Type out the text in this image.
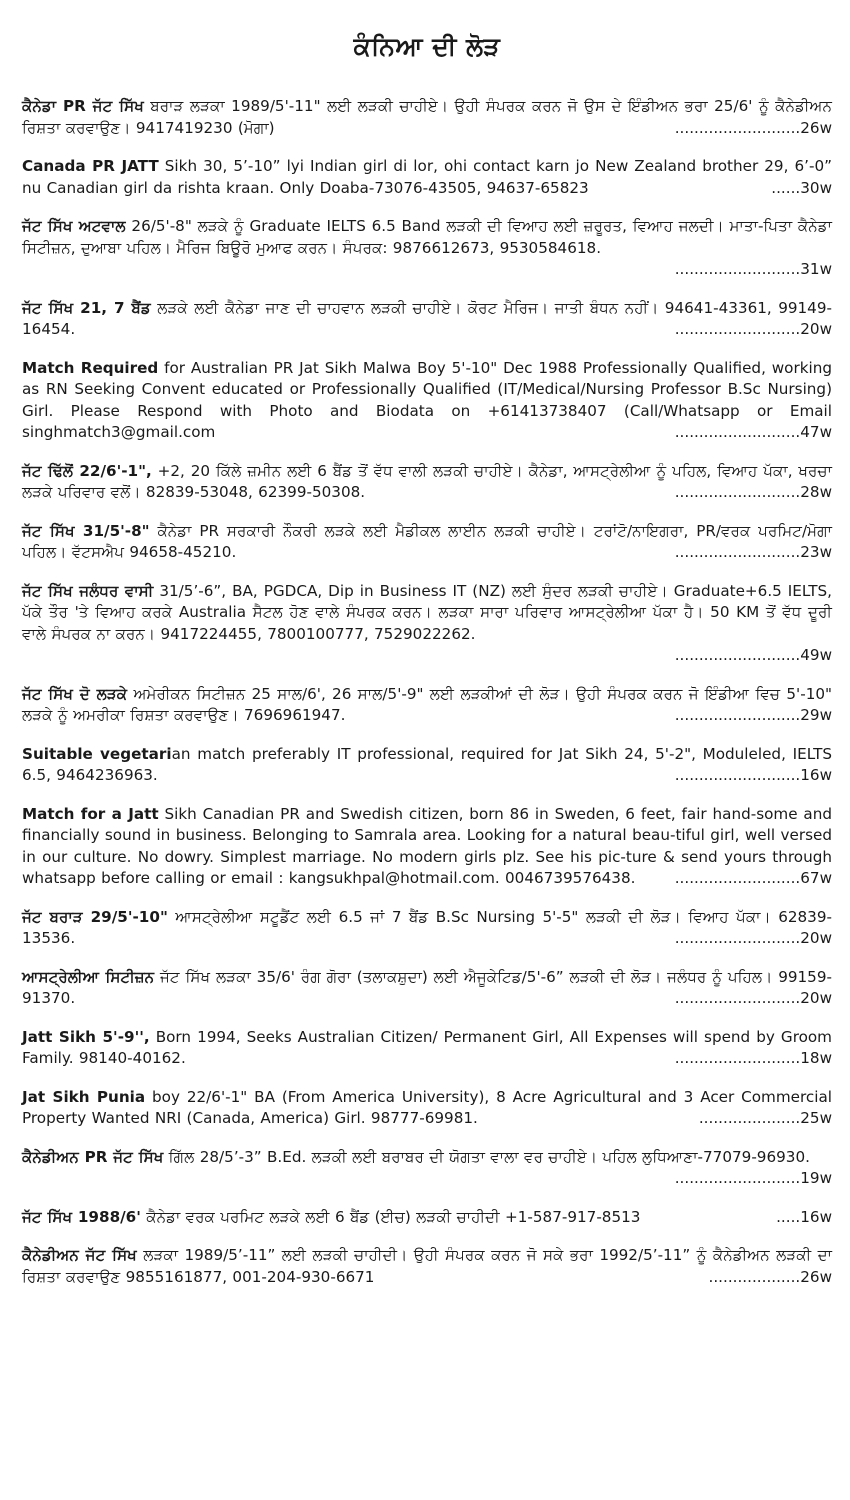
ਕੰਨਿਆ ਦੀ ਲੋੜ
ਕੈਨੇਡਾ PR ਜੱਟ ਸਿੱਖ ਬਰਾੜ ਲੜਕਾ 1989/5'-11" ਲਈ ਲੜਕੀ ਚਾਹੀਏ। ਉਹੀ ਸੰਪਰਕ ਕਰਨ ਜੋ ਉਸ ਦੇ ਇੰਡੀਅਨ ਭਰਾ 25/6' ਨੂੰ ਕੈਨੇਡੀਅਨ ਰਿਸ਼ਤਾ ਕਰਵਾਉਣ। 9417419230 (ਮੋਗਾ)	..........................26w
Canada PR JATT Sikh 30, 5’-10” lyi Indian girl di lor, ohi contact karn jo New Zealand brother 29, 6’-0” nu Canadian girl da rishta kraan. Only Doaba-73076-43505, 94637-65823	......30w
ਜੱਟ ਸਿੱਖ ਅਟਵਾਲ 26/5'-8" ਲੜਕੇ ਨੂੰ Graduate IELTS 6.5 Band ਲੜਕੀ ਦੀ ਵਿਆਹ ਲਈ ਜ਼ਰੂਰਤ, ਵਿਆਹ ਜਲਦੀ। ਮਾਤਾ-ਪਿਤਾ ਕੈਨੇਡਾ ਸਿਟੀਜ਼ਨ, ਦੁਆਬਾ ਪਹਿਲ। ਮੈਰਿਜ ਬਿਊਰੋ ਮੁਆਫ ਕਰਨ। ਸੰਪਰਕ: 9876612673, 9530584618.
..........................31w
ਜੱਟ ਸਿੱਖ 21, 7 ਬੈਂਡ ਲੜਕੇ ਲਈ ਕੈਨੇਡਾ ਜਾਣ ਦੀ ਚਾਹਵਾਨ ਲੜਕੀ ਚਾਹੀਏ। ਕੋਰਟ ਮੈਰਿਜ। ਜਾਤੀ ਬੰਧਨ ਨਹੀਂ। 94641-43361, 99149-16454.	..........................20w
Match Required for Australian PR Jat Sikh Malwa Boy 5'-10" Dec 1988 Professionally Qualified, working as RN Seeking Convent educated or Professionally Qualified (IT/Medical/Nursing Professor B.Sc Nursing) Girl. Please Respond with Photo and Biodata on +61413738407 (Call/Whatsapp or Email singhmatch3@gmail.com	..........................47w
ਜੱਟ ਢਿੱਲੋਂ 22/6'-1", +2, 20 ਕਿੱਲੇ ਜ਼ਮੀਨ ਲਈ 6 ਬੈਂਡ ਤੋਂ ਵੱਧ ਵਾਲੀ ਲੜਕੀ ਚਾਹੀਏ। ਕੈਨੇਡਾ, ਆਸਟ੍ਰੇਲੀਆ ਨੂੰ ਪਹਿਲ, ਵਿਆਹ ਪੱਕਾ, ਖਰਚਾ ਲੜਕੇ ਪਰਿਵਾਰ ਵਲੋਂ। 82839-53048, 62399-50308.	..........................28w
ਜੱਟ ਸਿੱਖ 31/5'-8" ਕੈਨੇਡਾ PR ਸਰਕਾਰੀ ਨੌਕਰੀ ਲੜਕੇ ਲਈ ਮੈਡੀਕਲ ਲਾਈਨ ਲੜਕੀ ਚਾਹੀਏ। ਟਰਾਂਟੋ/ਨਾਇਗਰਾ, PR/ਵਰਕ ਪਰਮਿਟ/ਮੋਗਾ ਪਹਿਲ। ਵੱਟਸਐਪ 94658-45210.	..........................23w
ਜੱਟ ਸਿੱਖ ਜਲੰਧਰ ਵਾਸੀ 31/5’-6”, BA, PGDCA, Dip in Business IT (NZ) ਲਈ ਸੁੰਦਰ ਲੜਕੀ ਚਾਹੀਏ। Graduate+6.5 IELTS, ਪੱਕੇ ਤੌਰ 'ਤੇ ਵਿਆਹ ਕਰਕੇ Australia ਸੈਟਲ ਹੋਣ ਵਾਲੇ ਸੰਪਰਕ ਕਰਨ। ਲੜਕਾ ਸਾਰਾ ਪਰਿਵਾਰ ਆਸਟ੍ਰੇਲੀਆ ਪੱਕਾ ਹੈ। 50 KM ਤੋਂ ਵੱਧ ਦੂਰੀ ਵਾਲੇ ਸੰਪਰਕ ਨਾ ਕਰਨ। 9417224455, 7800100777, 7529022262.
..........................49w
ਜੱਟ ਸਿੱਖ ਦੋ ਲੜਕੇ ਅਮੇਰੀਕਨ ਸਿਟੀਜ਼ਨ 25 ਸਾਲ/6', 26 ਸਾਲ/5'-9" ਲਈ ਲੜਕੀਆਂ ਦੀ ਲੋੜ। ਉਹੀ ਸੰਪਰਕ ਕਰਨ ਜੋ ਇੰਡੀਆ ਵਿਚ 5'-10" ਲੜਕੇ ਨੂੰ ਅਮਰੀਕਾ ਰਿਸ਼ਤਾ ਕਰਵਾਉਣ। 7696961947.	..........................29w
Suitable vegetarian match preferably IT professional, required for Jat Sikh 24, 5'-2", Moduleled, IELTS 6.5, 9464236963.	..........................16w
Match for a Jatt Sikh Canadian PR and Swedish citizen, born 86 in Sweden, 6 feet, fair hand-some and financially sound in business. Belonging to Samrala area. Looking for a natural beau-tiful girl, well versed in our culture. No dowry. Simplest marriage. No modern girls plz. See his pic-ture & send yours through whatsapp before calling or email : kangsukhpal@hotmail.com. 0046739576438.	..........................67w
ਜੱਟ ਬਰਾੜ 29/5'-10" ਆਸਟ੍ਰੇਲੀਆ ਸਟੂਡੈਂਟ ਲਈ 6.5 ਜਾਂ 7 ਬੈਂਡ B.Sc Nursing 5'-5" ਲੜਕੀ ਦੀ ਲੋੜ। ਵਿਆਹ ਪੱਕਾ। 62839-13536.	..........................20w
ਆਸਟ੍ਰੇਲੀਆ ਸਿਟੀਜ਼ਨ ਜੱਟ ਸਿੱਖ ਲੜਕਾ 35/6' ਰੰਗ ਗੋਰਾ (ਤਲਾਕਸ਼ੁਦਾ) ਲਈ ਐਜੂਕੇਟਿਡ/5'-6” ਲੜਕੀ ਦੀ ਲੋੜ। ਜਲੰਧਰ ਨੂੰ ਪਹਿਲ। 99159-91370.	..........................20w
Jatt Sikh 5'-9'', Born 1994, Seeks Australian Citizen/ Permanent Girl, All Expenses will spend by Groom Family. 98140-40162.	..........................18w
Jat Sikh Punia boy 22/6'-1" BA (From America University), 8 Acre Agricultural and 3 Acer Commercial Property Wanted NRI (Canada, America) Girl. 98777-69981.	.....................25w
ਕੈਨੇਡੀਅਨ PR ਜੱਟ ਸਿੱਖ ਗਿੱਲ 28/5’-3” B.Ed. ਲੜਕੀ ਲਈ ਬਰਾਬਰ ਦੀ ਯੋਗਤਾ ਵਾਲਾ ਵਰ ਚਾਹੀਏ। ਪਹਿਲ ਲੁਧਿਆਣਾ-77079-96930.
..........................19w
ਜੱਟ ਸਿੱਖ 1988/6' ਕੈਨੇਡਾ ਵਰਕ ਪਰਮਿਟ ਲੜਕੇ ਲਈ 6 ਬੈਂਡ (ਈਚ) ਲੜਕੀ ਚਾਹੀਦੀ +1-587-917-8513	.....16w
ਕੈਨੇਡੀਅਨ ਜੱਟ ਸਿੱਖ ਲੜਕਾ 1989/5’-11” ਲਈ ਲੜਕੀ ਚਾਹੀਦੀ। ਉਹੀ ਸੰਪਰਕ ਕਰਨ ਜੋ ਸਕੇ ਭਰਾ 1992/5’-11” ਨੂੰ ਕੈਨੇਡੀਅਨ ਲੜਕੀ ਦਾ ਰਿਸ਼ਤਾ ਕਰਵਾਉਣ 9855161877, 001-204-930-6671	...................26w
